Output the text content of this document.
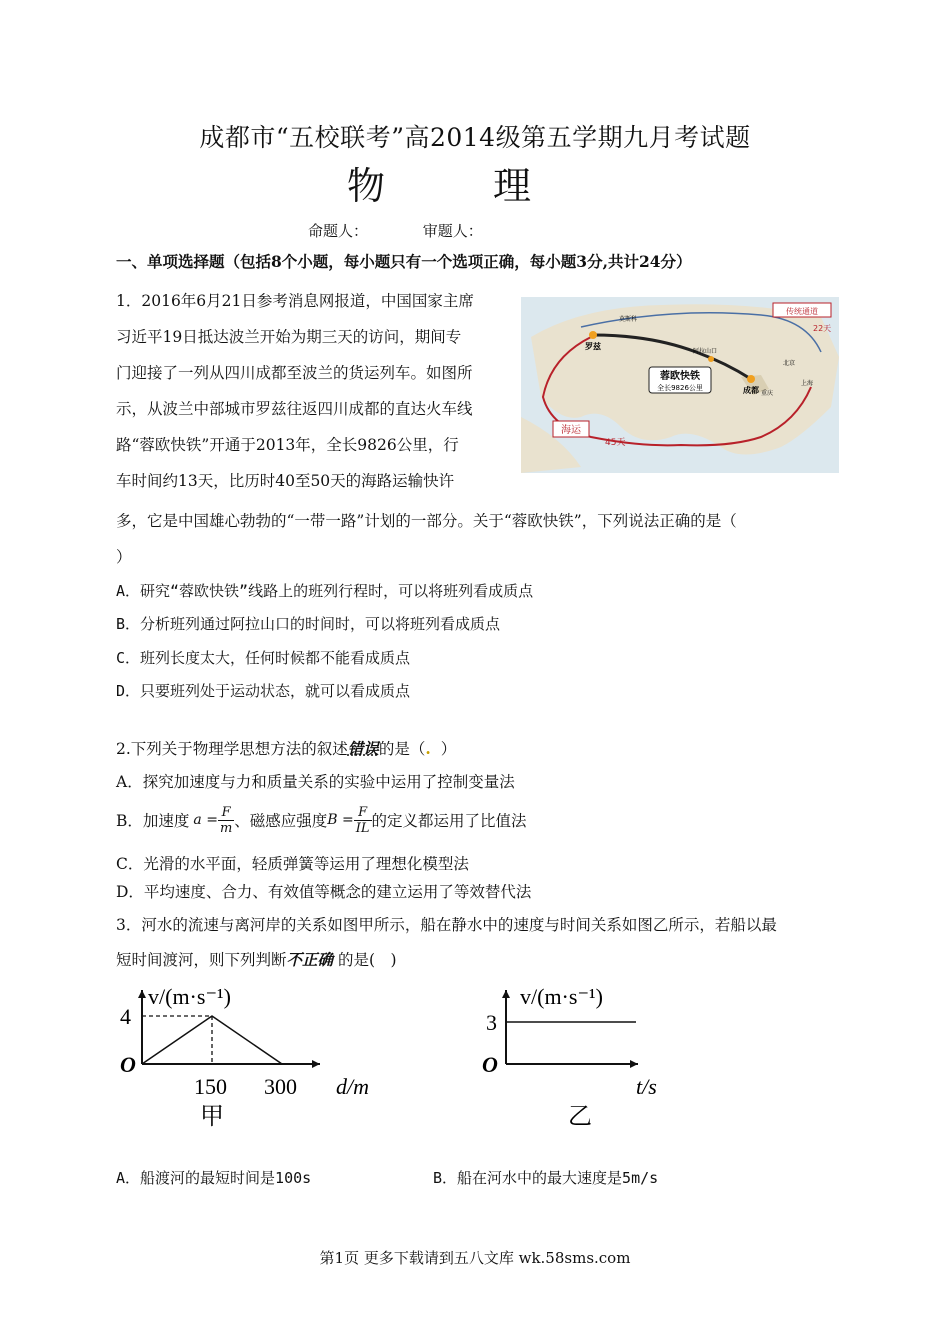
成都市“五校联考”高2014级第五学期九月考试题
物 理
命题人：	审题人：
一、单项选择题（包括8个小题，每小题只有一个选项正确，每小题3分,共计24分）
1．2016年6月21日参考消息网报道，中国国家主席
习近平19日抵达波兰开始为期三天的访问，期间专
门迎接了一列从四川成都至波兰的货运列车。如图所
示，从波兰中部城市罗兹往返四川成都的直达火车线
路“蓉欧快铁”开通于2013年，全长9826公里，行
车时间约13天，比历时40至50天的海路运输快许
多，它是中国雄心勃勃的“一带一路”计划的一部分。关于“蓉欧快铁”，下列说法正确的是（
）
蓉欧快铁
全长9826公里
海运
45天
传统通道
22天
成都
罗兹
阿拉山口
莫斯科
重庆
北京
上海
A．研究“蓉欧快铁”线路上的班列行程时，可以将班列看成质点
B．分析班列通过阿拉山口的时间时，可以将班列看成质点
C．班列长度太大，任何时候都不能看成质点
D．只要班列处于运动状态，就可以看成质点
2.下列关于物理学思想方法的叙述错误的是（. ）
A．探究加速度与力和质量关系的实验中运用了控制变量法
B．加速度 $a = \frac{F}{m}$ 、磁感应强度 $B = \frac{F}{IL}$ 的定义都运用了比值法
C．光滑的水平面，轻质弹簧等运用了理想化模型法
D．平均速度、合力、有效值等概念的建立运用了等效替代法
3．河水的流速与离河岸的关系如图甲所示，船在静水中的速度与时间关系如图乙所示，若船以最
短时间渡河，则下列判断不正确 的是(　)
v/(m·s⁻¹)
d/m
O
4
150 300
甲
v/(m·s⁻¹)
t/s
O
3
乙
A．船渡河的最短时间是100s	B．船在河水中的最大速度是5m/s
第1页 更多下载请到五八文库 wk.58sms.com
